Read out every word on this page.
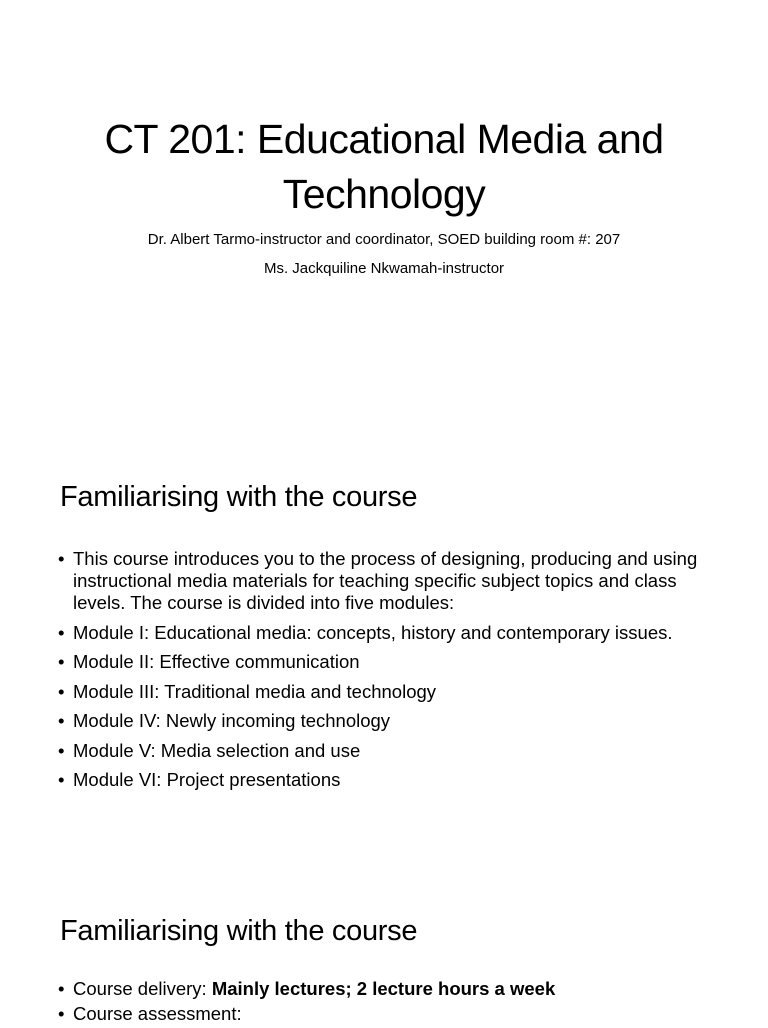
CT 201: Educational Media and
Technology
Dr. Albert Tarmo-instructor and coordinator, SOED building room #: 207
Ms. Jackquiline Nkwamah-instructor
Familiarising with the course
• This course introduces you to the process of designing, producing and using instructional media materials for teaching specific subject topics and class levels. The course is divided into five modules:
• Module I: Educational media: concepts, history and contemporary issues.
• Module II: Effective communication
• Module III: Traditional media and technology
• Module IV: Newly incoming technology
• Module V: Media selection and use
• Module VI: Project presentations
Familiarising with the course
• Course delivery: Mainly lectures; 2 lecture hours a week
• Course assessment:
